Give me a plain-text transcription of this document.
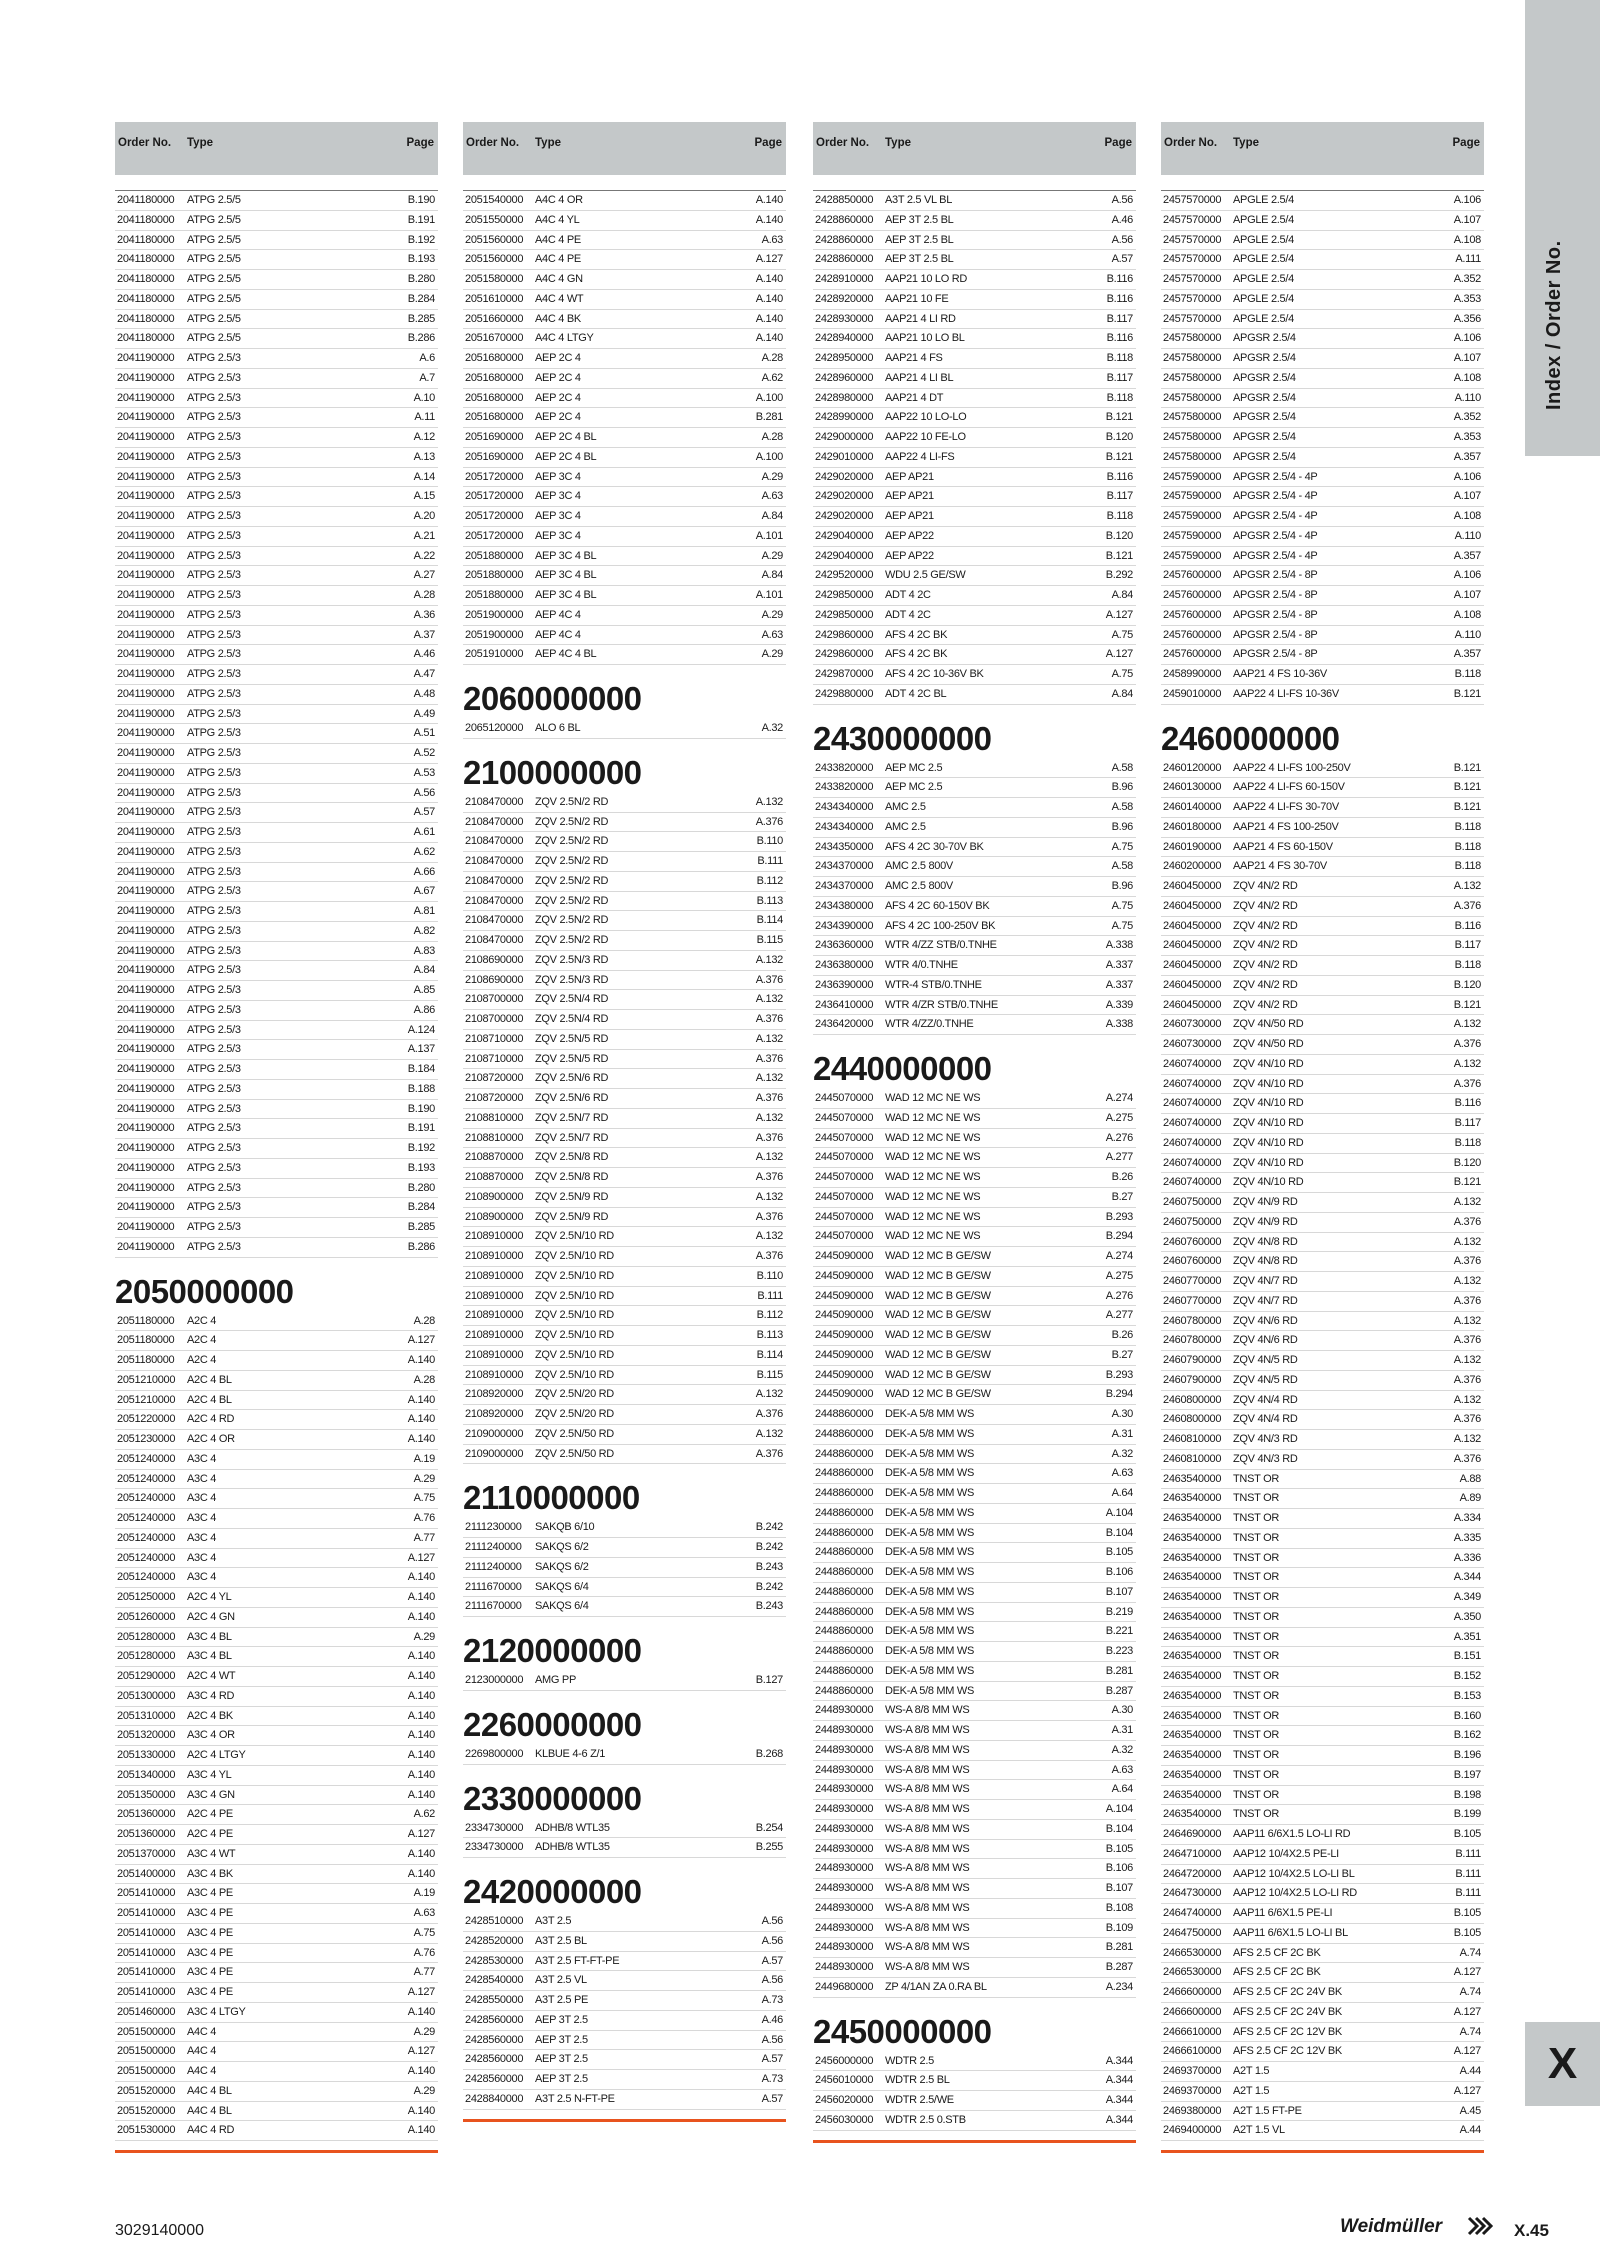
Order No. Type	Page
2041180000 ATPG 2.5/5	B.190
2041180000 ATPG 2.5/5	B.191
2041180000 ATPG 2.5/5	B.192
2041180000 ATPG 2.5/5	B.193
2041180000 ATPG 2.5/5	B.280
2041180000 ATPG 2.5/5	B.284
2041180000 ATPG 2.5/5	B.285
2041180000 ATPG 2.5/5	B.286
2041190000 ATPG 2.5/3	A.6
2041190000 ATPG 2.5/3	A.7
2041190000 ATPG 2.5/3	A.10
2041190000 ATPG 2.5/3	A.11
2041190000 ATPG 2.5/3	A.12
2041190000 ATPG 2.5/3	A.13
2041190000 ATPG 2.5/3	A.14
2041190000 ATPG 2.5/3	A.15
2041190000 ATPG 2.5/3	A.20
2041190000 ATPG 2.5/3	A.21
2041190000 ATPG 2.5/3	A.22
2041190000 ATPG 2.5/3	A.27
2041190000 ATPG 2.5/3	A.28
2041190000 ATPG 2.5/3	A.36
2041190000 ATPG 2.5/3	A.37
2041190000 ATPG 2.5/3	A.46
2041190000 ATPG 2.5/3	A.47
2041190000 ATPG 2.5/3	A.48
2041190000 ATPG 2.5/3	A.49
2041190000 ATPG 2.5/3	A.51
2041190000 ATPG 2.5/3	A.52
2041190000 ATPG 2.5/3	A.53
2041190000 ATPG 2.5/3	A.56
2041190000 ATPG 2.5/3	A.57
2041190000 ATPG 2.5/3	A.61
2041190000 ATPG 2.5/3	A.62
2041190000 ATPG 2.5/3	A.66
2041190000 ATPG 2.5/3	A.67
2041190000 ATPG 2.5/3	A.81
2041190000 ATPG 2.5/3	A.82
2041190000 ATPG 2.5/3	A.83
2041190000 ATPG 2.5/3	A.84
2041190000 ATPG 2.5/3	A.85
2041190000 ATPG 2.5/3	A.86
2041190000 ATPG 2.5/3	A.124
2041190000 ATPG 2.5/3	A.137
2041190000 ATPG 2.5/3	B.184
2041190000 ATPG 2.5/3	B.188
2041190000 ATPG 2.5/3	B.190
2041190000 ATPG 2.5/3	B.191
2041190000 ATPG 2.5/3	B.192
2041190000 ATPG 2.5/3	B.193
2041190000 ATPG 2.5/3	B.280
2041190000 ATPG 2.5/3	B.284
2041190000 ATPG 2.5/3	B.285
2041190000 ATPG 2.5/3	B.286
2050000000
2051180000 A2C 4	A.28
2051180000 A2C 4	A.127
2051180000 A2C 4	A.140
2051210000 A2C 4 BL	A.28
2051210000 A2C 4 BL	A.140
2051220000 A2C 4 RD	A.140
2051230000 A2C 4 OR	A.140
2051240000 A3C 4	A.19
2051240000 A3C 4	A.29
2051240000 A3C 4	A.75
2051240000 A3C 4	A.76
2051240000 A3C 4	A.77
2051240000 A3C 4	A.127
2051240000 A3C 4	A.140
2051250000 A2C 4 YL	A.140
2051260000 A2C 4 GN	A.140
2051280000 A3C 4 BL	A.29
2051280000 A3C 4 BL	A.140
2051290000 A2C 4 WT	A.140
2051300000 A3C 4 RD	A.140
2051310000 A2C 4 BK	A.140
2051320000 A3C 4 OR	A.140
2051330000 A2C 4 LTGY	A.140
2051340000 A3C 4 YL	A.140
2051350000 A3C 4 GN	A.140
2051360000 A2C 4 PE	A.62
2051360000 A2C 4 PE	A.127
2051370000 A3C 4 WT	A.140
2051400000 A3C 4 BK	A.140
2051410000 A3C 4 PE	A.19
2051410000 A3C 4 PE	A.63
2051410000 A3C 4 PE	A.75
2051410000 A3C 4 PE	A.76
2051410000 A3C 4 PE	A.77
2051410000 A3C 4 PE	A.127
2051460000 A3C 4 LTGY	A.140
2051500000 A4C 4	A.29
2051500000 A4C 4	A.127
2051500000 A4C 4	A.140
2051520000 A4C 4 BL	A.29
2051520000 A4C 4 BL	A.140
2051530000 A4C 4 RD	A.140
Order No. Type	Page
2051540000 A4C 4 OR	A.140
2051550000 A4C 4 YL	A.140
2051560000 A4C 4 PE	A.63
2051560000 A4C 4 PE	A.127
2051580000 A4C 4 GN	A.140
2051610000 A4C 4 WT	A.140
2051660000 A4C 4 BK	A.140
2051670000 A4C 4 LTGY	A.140
2051680000 AEP 2C 4	A.28
2051680000 AEP 2C 4	A.62
2051680000 AEP 2C 4	A.100
2051680000 AEP 2C 4	B.281
2051690000 AEP 2C 4 BL	A.28
2051690000 AEP 2C 4 BL	A.100
2051720000 AEP 3C 4	A.29
2051720000 AEP 3C 4	A.63
2051720000 AEP 3C 4	A.84
2051720000 AEP 3C 4	A.101
2051880000 AEP 3C 4 BL	A.29
2051880000 AEP 3C 4 BL	A.84
2051880000 AEP 3C 4 BL	A.101
2051900000 AEP 4C 4	A.29
2051900000 AEP 4C 4	A.63
2051910000 AEP 4C 4 BL	A.29
2060000000
2065120000 ALO 6 BL	A.32
2100000000
2108470000 ZQV 2.5N/2 RD	A.132
2108470000 ZQV 2.5N/2 RD	A.376
2108470000 ZQV 2.5N/2 RD	B.110
2108470000 ZQV 2.5N/2 RD	B.111
2108470000 ZQV 2.5N/2 RD	B.112
2108470000 ZQV 2.5N/2 RD	B.113
2108470000 ZQV 2.5N/2 RD	B.114
2108470000 ZQV 2.5N/2 RD	B.115
2108690000 ZQV 2.5N/3 RD	A.132
2108690000 ZQV 2.5N/3 RD	A.376
2108700000 ZQV 2.5N/4 RD	A.132
2108700000 ZQV 2.5N/4 RD	A.376
2108710000 ZQV 2.5N/5 RD	A.132
2108710000 ZQV 2.5N/5 RD	A.376
2108720000 ZQV 2.5N/6 RD	A.132
2108720000 ZQV 2.5N/6 RD	A.376
2108810000 ZQV 2.5N/7 RD	A.132
2108810000 ZQV 2.5N/7 RD	A.376
2108870000 ZQV 2.5N/8 RD	A.132
2108870000 ZQV 2.5N/8 RD	A.376
2108900000 ZQV 2.5N/9 RD	A.132
2108900000 ZQV 2.5N/9 RD	A.376
2108910000 ZQV 2.5N/10 RD	A.132
2108910000 ZQV 2.5N/10 RD	A.376
2108910000 ZQV 2.5N/10 RD	B.110
2108910000 ZQV 2.5N/10 RD	B.111
2108910000 ZQV 2.5N/10 RD	B.112
2108910000 ZQV 2.5N/10 RD	B.113
2108910000 ZQV 2.5N/10 RD	B.114
2108910000 ZQV 2.5N/10 RD	B.115
2108920000 ZQV 2.5N/20 RD	A.132
2108920000 ZQV 2.5N/20 RD	A.376
2109000000 ZQV 2.5N/50 RD	A.132
2109000000 ZQV 2.5N/50 RD	A.376
2110000000
2111230000 SAKQB 6/10	B.242
2111240000 SAKQS 6/2	B.242
2111240000 SAKQS 6/2	B.243
2111670000 SAKQS 6/4	B.242
2111670000 SAKQS 6/4	B.243
2120000000
2123000000 AMG PP	B.127
2260000000
2269800000 KLBUE 4-6 Z/1	B.268
2330000000
2334730000 ADHB/8 WTL35	B.254
2334730000 ADHB/8 WTL35	B.255
2420000000
2428510000 A3T 2.5	A.56
2428520000 A3T 2.5 BL	A.56
2428530000 A3T 2.5 FT-FT-PE	A.57
2428540000 A3T 2.5 VL	A.56
2428550000 A3T 2.5 PE	A.73
2428560000 AEP 3T 2.5	A.46
2428560000 AEP 3T 2.5	A.56
2428560000 AEP 3T 2.5	A.57
2428560000 AEP 3T 2.5	A.73
2428840000 A3T 2.5 N-FT-PE	A.57
Order No. Type	Page
2428850000 A3T 2.5 VL BL	A.56
2428860000 AEP 3T 2.5 BL	A.46
2428860000 AEP 3T 2.5 BL	A.56
2428860000 AEP 3T 2.5 BL	A.57
2428910000 AAP21 10 LO RD	B.116
2428920000 AAP21 10 FE	B.116
2428930000 AAP21 4 LI RD	B.117
2428940000 AAP21 10 LO BL	B.116
2428950000 AAP21 4 FS	B.118
2428960000 AAP21 4 LI BL	B.117
2428980000 AAP21 4 DT	B.118
2428990000 AAP22 10 LO-LO	B.121
2429000000 AAP22 10 FE-LO	B.120
2429010000 AAP22 4 LI-FS	B.121
2429020000 AEP AP21	B.116
2429020000 AEP AP21	B.117
2429020000 AEP AP21	B.118
2429040000 AEP AP22	B.120
2429040000 AEP AP22	B.121
2429520000 WDU 2.5 GE/SW	B.292
2429850000 ADT 4 2C	A.84
2429850000 ADT 4 2C	A.127
2429860000 AFS 4 2C BK	A.75
2429860000 AFS 4 2C BK	A.127
2429870000 AFS 4 2C 10-36V BK	A.75
2429880000 ADT 4 2C BL	A.84
2430000000
2433820000 AEP MC 2.5	A.58
2433820000 AEP MC 2.5	B.96
2434340000 AMC 2.5	A.58
2434340000 AMC 2.5	B.96
2434350000 AFS 4 2C 30-70V BK	A.75
2434370000 AMC 2.5 800V	A.58
2434370000 AMC 2.5 800V	B.96
2434380000 AFS 4 2C 60-150V BK	A.75
2434390000 AFS 4 2C 100-250V BK	A.75
2436360000 WTR 4/ZZ STB/0.TNHE	A.338
2436380000 WTR 4/0.TNHE	A.337
2436390000 WTR-4 STB/0.TNHE	A.337
2436410000 WTR 4/ZR STB/0.TNHE	A.339
2436420000 WTR 4/ZZ/0.TNHE	A.338
2440000000
2445070000 WAD 12 MC NE WS	A.274
2445070000 WAD 12 MC NE WS	A.275
2445070000 WAD 12 MC NE WS	A.276
2445070000 WAD 12 MC NE WS	A.277
2445070000 WAD 12 MC NE WS	B.26
2445070000 WAD 12 MC NE WS	B.27
2445070000 WAD 12 MC NE WS	B.293
2445070000 WAD 12 MC NE WS	B.294
2445090000 WAD 12 MC B GE/SW	A.274
2445090000 WAD 12 MC B GE/SW	A.275
2445090000 WAD 12 MC B GE/SW	A.276
2445090000 WAD 12 MC B GE/SW	A.277
2445090000 WAD 12 MC B GE/SW	B.26
2445090000 WAD 12 MC B GE/SW	B.27
2445090000 WAD 12 MC B GE/SW	B.293
2445090000 WAD 12 MC B GE/SW	B.294
2448860000 DEK-A 5/8 MM WS	A.30
2448860000 DEK-A 5/8 MM WS	A.31
2448860000 DEK-A 5/8 MM WS	A.32
2448860000 DEK-A 5/8 MM WS	A.63
2448860000 DEK-A 5/8 MM WS	A.64
2448860000 DEK-A 5/8 MM WS	A.104
2448860000 DEK-A 5/8 MM WS	B.104
2448860000 DEK-A 5/8 MM WS	B.105
2448860000 DEK-A 5/8 MM WS	B.106
2448860000 DEK-A 5/8 MM WS	B.107
2448860000 DEK-A 5/8 MM WS	B.219
2448860000 DEK-A 5/8 MM WS	B.221
2448860000 DEK-A 5/8 MM WS	B.223
2448860000 DEK-A 5/8 MM WS	B.281
2448860000 DEK-A 5/8 MM WS	B.287
2448930000 WS-A 8/8 MM WS	A.30
2448930000 WS-A 8/8 MM WS	A.31
2448930000 WS-A 8/8 MM WS	A.32
2448930000 WS-A 8/8 MM WS	A.63
2448930000 WS-A 8/8 MM WS	A.64
2448930000 WS-A 8/8 MM WS	A.104
2448930000 WS-A 8/8 MM WS	B.104
2448930000 WS-A 8/8 MM WS	B.105
2448930000 WS-A 8/8 MM WS	B.106
2448930000 WS-A 8/8 MM WS	B.107
2448930000 WS-A 8/8 MM WS	B.108
2448930000 WS-A 8/8 MM WS	B.109
2448930000 WS-A 8/8 MM WS	B.281
2448930000 WS-A 8/8 MM WS	B.287
2449680000 ZP 4/1AN ZA 0.RA BL	A.234
2450000000
2456000000 WDTR 2.5	A.344
2456010000 WDTR 2.5 BL	A.344
2456020000 WDTR 2.5/WE	A.344
2456030000 WDTR 2.5 0.STB	A.344
Order No. Type	Page
2457570000 APGLE 2.5/4	A.106
2457570000 APGLE 2.5/4	A.107
2457570000 APGLE 2.5/4	A.108
2457570000 APGLE 2.5/4	A.111
2457570000 APGLE 2.5/4	A.352
2457570000 APGLE 2.5/4	A.353
2457570000 APGLE 2.5/4	A.356
2457580000 APGSR 2.5/4	A.106
2457580000 APGSR 2.5/4	A.107
2457580000 APGSR 2.5/4	A.108
2457580000 APGSR 2.5/4	A.110
2457580000 APGSR 2.5/4	A.352
2457580000 APGSR 2.5/4	A.353
2457580000 APGSR 2.5/4	A.357
2457590000 APGSR 2.5/4 - 4P	A.106
2457590000 APGSR 2.5/4 - 4P	A.107
2457590000 APGSR 2.5/4 - 4P	A.108
2457590000 APGSR 2.5/4 - 4P	A.110
2457590000 APGSR 2.5/4 - 4P	A.357
2457600000 APGSR 2.5/4 - 8P	A.106
2457600000 APGSR 2.5/4 - 8P	A.107
2457600000 APGSR 2.5/4 - 8P	A.108
2457600000 APGSR 2.5/4 - 8P	A.110
2457600000 APGSR 2.5/4 - 8P	A.357
2458990000 AAP21 4 FS 10-36V	B.118
2459010000 AAP22 4 LI-FS 10-36V	B.121
2460000000
2460120000 AAP22 4 LI-FS 100-250V	B.121
2460130000 AAP22 4 LI-FS 60-150V	B.121
2460140000 AAP22 4 LI-FS 30-70V	B.121
2460180000 AAP21 4 FS 100-250V	B.118
2460190000 AAP21 4 FS 60-150V	B.118
2460200000 AAP21 4 FS 30-70V	B.118
2460450000 ZQV 4N/2 RD	A.132
2460450000 ZQV 4N/2 RD	A.376
2460450000 ZQV 4N/2 RD	B.116
2460450000 ZQV 4N/2 RD	B.117
2460450000 ZQV 4N/2 RD	B.118
2460450000 ZQV 4N/2 RD	B.120
2460450000 ZQV 4N/2 RD	B.121
2460730000 ZQV 4N/50 RD	A.132
2460730000 ZQV 4N/50 RD	A.376
2460740000 ZQV 4N/10 RD	A.132
2460740000 ZQV 4N/10 RD	A.376
2460740000 ZQV 4N/10 RD	B.116
2460740000 ZQV 4N/10 RD	B.117
2460740000 ZQV 4N/10 RD	B.118
2460740000 ZQV 4N/10 RD	B.120
2460740000 ZQV 4N/10 RD	B.121
2460750000 ZQV 4N/9 RD	A.132
2460750000 ZQV 4N/9 RD	A.376
2460760000 ZQV 4N/8 RD	A.132
2460760000 ZQV 4N/8 RD	A.376
2460770000 ZQV 4N/7 RD	A.132
2460770000 ZQV 4N/7 RD	A.376
2460780000 ZQV 4N/6 RD	A.132
2460780000 ZQV 4N/6 RD	A.376
2460790000 ZQV 4N/5 RD	A.132
2460790000 ZQV 4N/5 RD	A.376
2460800000 ZQV 4N/4 RD	A.132
2460800000 ZQV 4N/4 RD	A.376
2460810000 ZQV 4N/3 RD	A.132
2460810000 ZQV 4N/3 RD	A.376
2463540000 TNST OR	A.88
2463540000 TNST OR	A.89
2463540000 TNST OR	A.334
2463540000 TNST OR	A.335
2463540000 TNST OR	A.336
2463540000 TNST OR	A.344
2463540000 TNST OR	A.349
2463540000 TNST OR	A.350
2463540000 TNST OR	A.351
2463540000 TNST OR	B.151
2463540000 TNST OR	B.152
2463540000 TNST OR	B.153
2463540000 TNST OR	B.160
2463540000 TNST OR	B.162
2463540000 TNST OR	B.196
2463540000 TNST OR	B.197
2463540000 TNST OR	B.198
2463540000 TNST OR	B.199
2464690000 AAP11 6/6X1.5 LO-LI RD	B.105
2464710000 AAP12 10/4X2.5 PE-LI	B.111
2464720000 AAP12 10/4X2.5 LO-LI BL	B.111
2464730000 AAP12 10/4X2.5 LO-LI RD	B.111
2464740000 AAP11 6/6X1.5 PE-LI	B.105
2464750000 AAP11 6/6X1.5 LO-LI BL	B.105
2466530000 AFS 2.5 CF 2C BK	A.74
2466530000 AFS 2.5 CF 2C BK	A.127
2466600000 AFS 2.5 CF 2C 24V BK	A.74
2466600000 AFS 2.5 CF 2C 24V BK	A.127
2466610000 AFS 2.5 CF 2C 12V BK	A.74
2466610000 AFS 2.5 CF 2C 12V BK	A.127
2469370000 A2T 1.5	A.44
2469370000 A2T 1.5	A.127
2469380000 A2T 1.5 FT-PE	A.45
2469400000 A2T 1.5 VL	A.44
Index / Order No.
X
3029140000	Weidmüller	X.45
